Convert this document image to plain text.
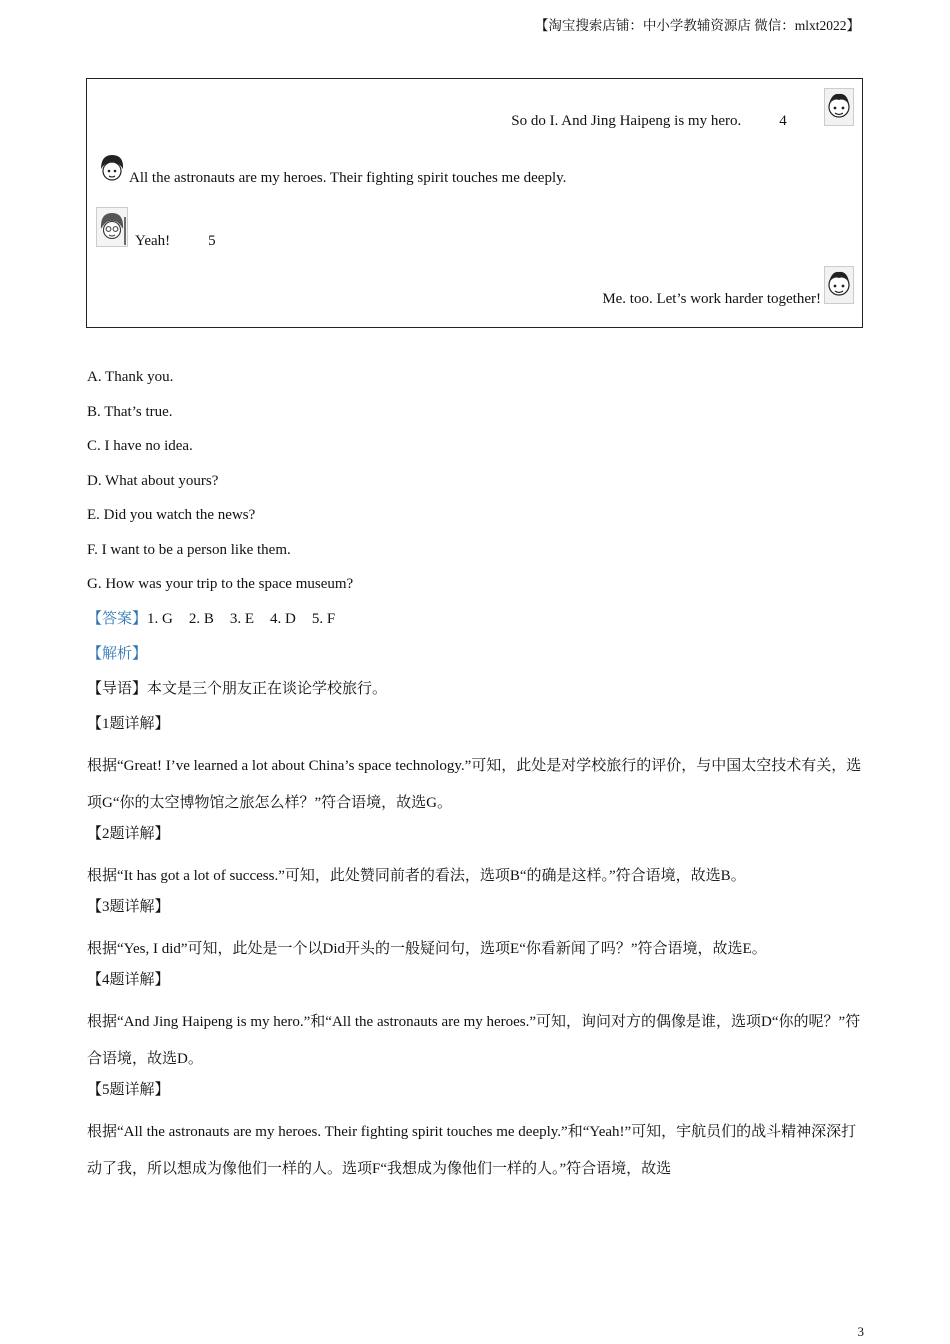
【淘宝搜索店铺：中小学教辅资源店 微信：mlxt2022】
So do I. And Jing Haipeng is my hero. 4
All the astronauts are my heroes. Their fighting spirit touches me deeply.
Yeah! 5
Me. too. Let’s work harder together!
A. Thank you.
B. That’s true.
C. I have no idea.
D. What about yours?
E. Did you watch the news?
F. I want to be a person like them.
G. How was your trip to the space museum?
【答案】1. G 2. B 3. E 4. D 5. F
【解析】
【导语】本文是三个朋友正在谈论学校旅行。
【1题详解】
根据“Great! I’ve learned a lot about China’s space technology.”可知，此处是对学校旅行的评价，与中国太空技术有关，选项G“你的太空博物馆之旅怎么样？”符合语境，故选G。
【2题详解】
根据“It has got a lot of success.”可知，此处赞同前者的看法，选项B“的确是这样。”符合语境，故选B。
【3题详解】
根据“Yes, I did”可知，此处是一个以Did开头的一般疑问句，选项E“你看新闻了吗？”符合语境，故选E。
【4题详解】
根据“And Jing Haipeng is my hero.”和“All the astronauts are my heroes.”可知，询问对方的偶像是谁，选项D“你的呢？”符合语境，故选D。
【5题详解】
根据“All the astronauts are my heroes. Their fighting spirit touches me deeply.”和“Yeah!”可知，宇航员们的战斗精神深深打动了我，所以想成为像他们一样的人。选项F“我想成为像他们一样的人。”符合语境，故选
3
